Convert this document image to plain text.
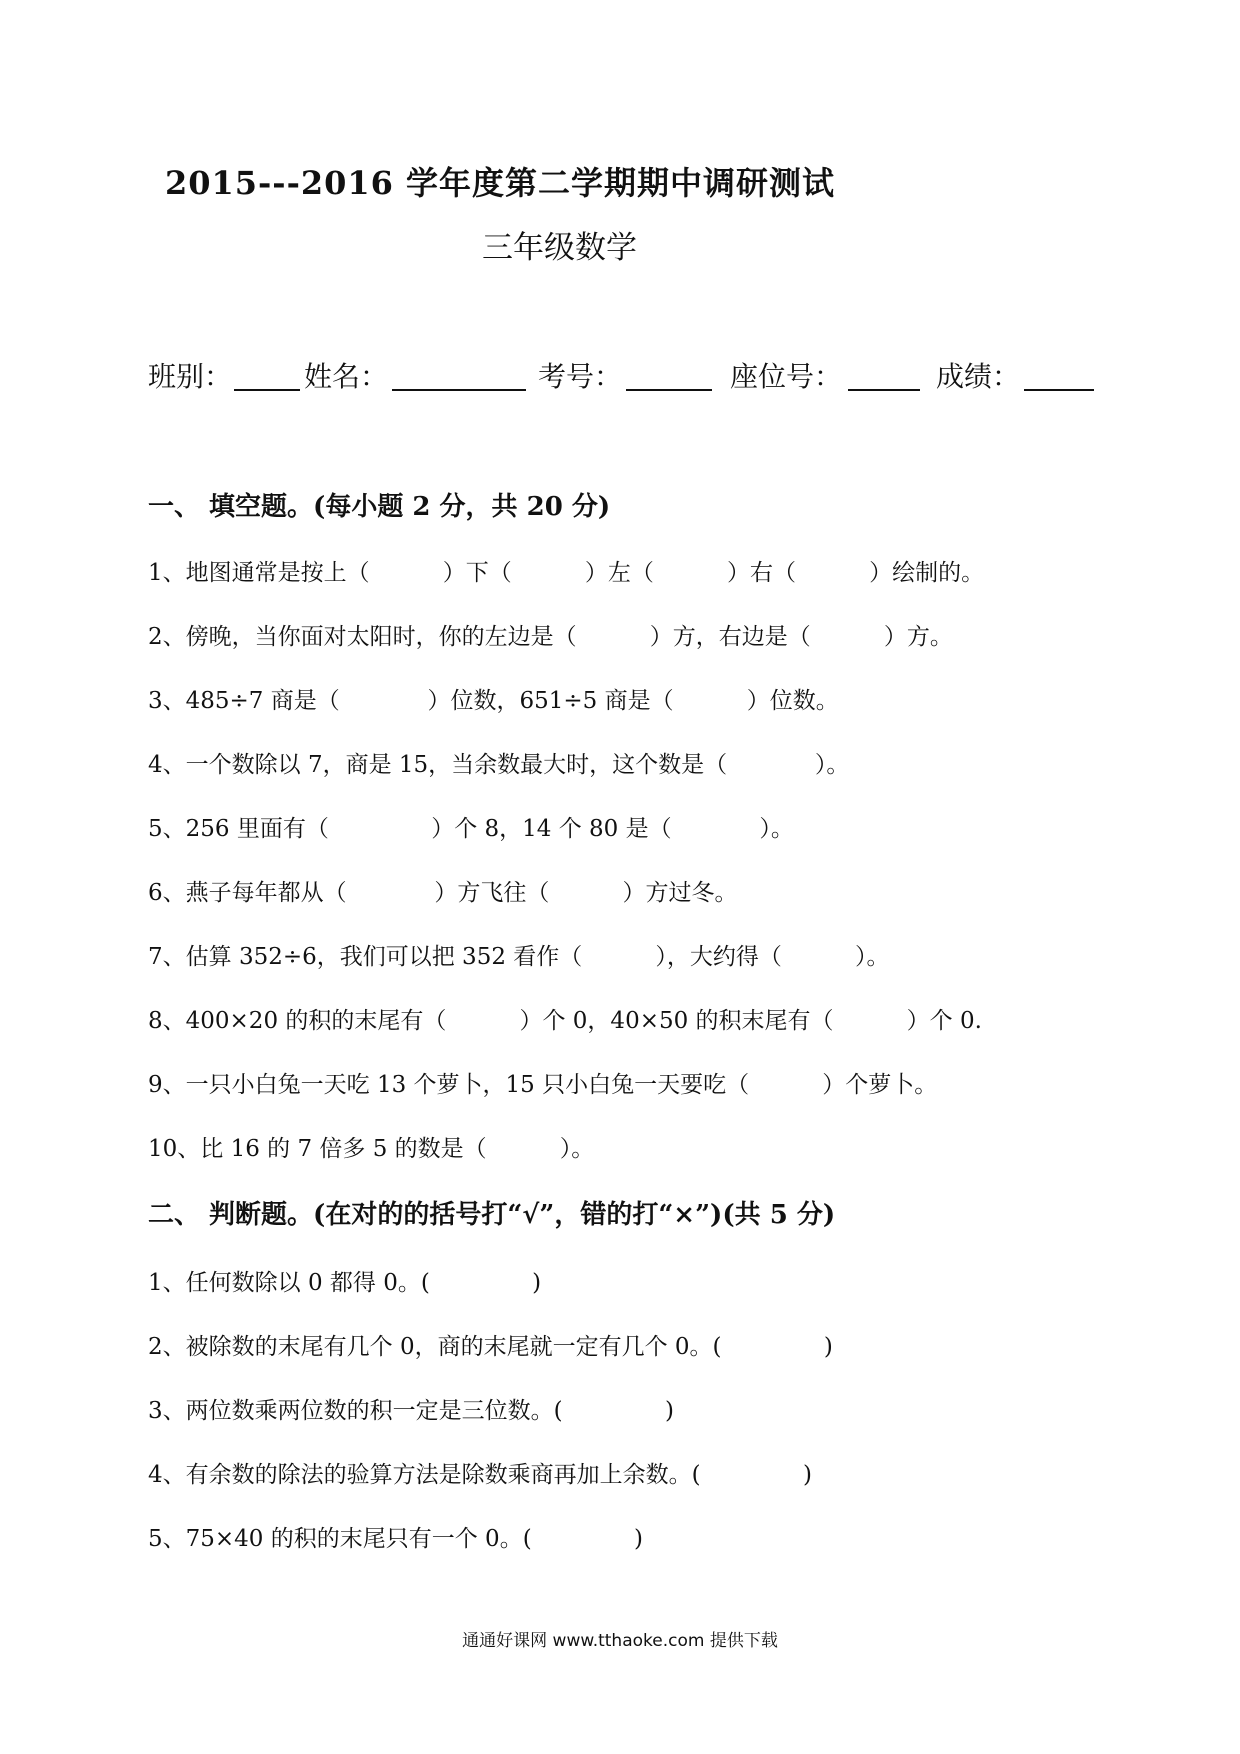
2015---2016 学年度第二学期期中调研测试
三年级数学
班别：	姓名：	考号：	座位号：	成绩：
一、 填空题。(每小题 2 分，共 20 分)
1、地图通常是按上（          ）下（          ）左（          ）右（          ）绘制的。
2、傍晚，当你面对太阳时，你的左边是（          ）方，右边是（          ）方。
3、485÷7 商是（            ）位数，651÷5 商是（          ）位数。
4、一个数除以 7，商是 15，当余数最大时，这个数是（            ）。
5、256 里面有（              ）个 8，14 个 80 是（            ）。
6、燕子每年都从（            ）方飞往（          ）方过冬。
7、估算 352÷6，我们可以把 352 看作（          ），大约得（          ）。
8、400×20 的积的末尾有（          ）个 0，40×50 的积末尾有（          ）个 0.
9、一只小白兔一天吃 13 个萝卜，15 只小白兔一天要吃（          ）个萝卜。
10、比 16 的 7 倍多 5 的数是（          ）。
二、 判断题。(在对的的括号打“√”，错的打“×”)(共 5 分)
1、任何数除以 0 都得 0。(              )
2、被除数的末尾有几个 0，商的末尾就一定有几个 0。(              )
3、两位数乘两位数的积一定是三位数。(              )
4、有余数的除法的验算方法是除数乘商再加上余数。(              )
5、75×40 的积的末尾只有一个 0。(              )
通通好课网 www.tthaoke.com 提供下载
